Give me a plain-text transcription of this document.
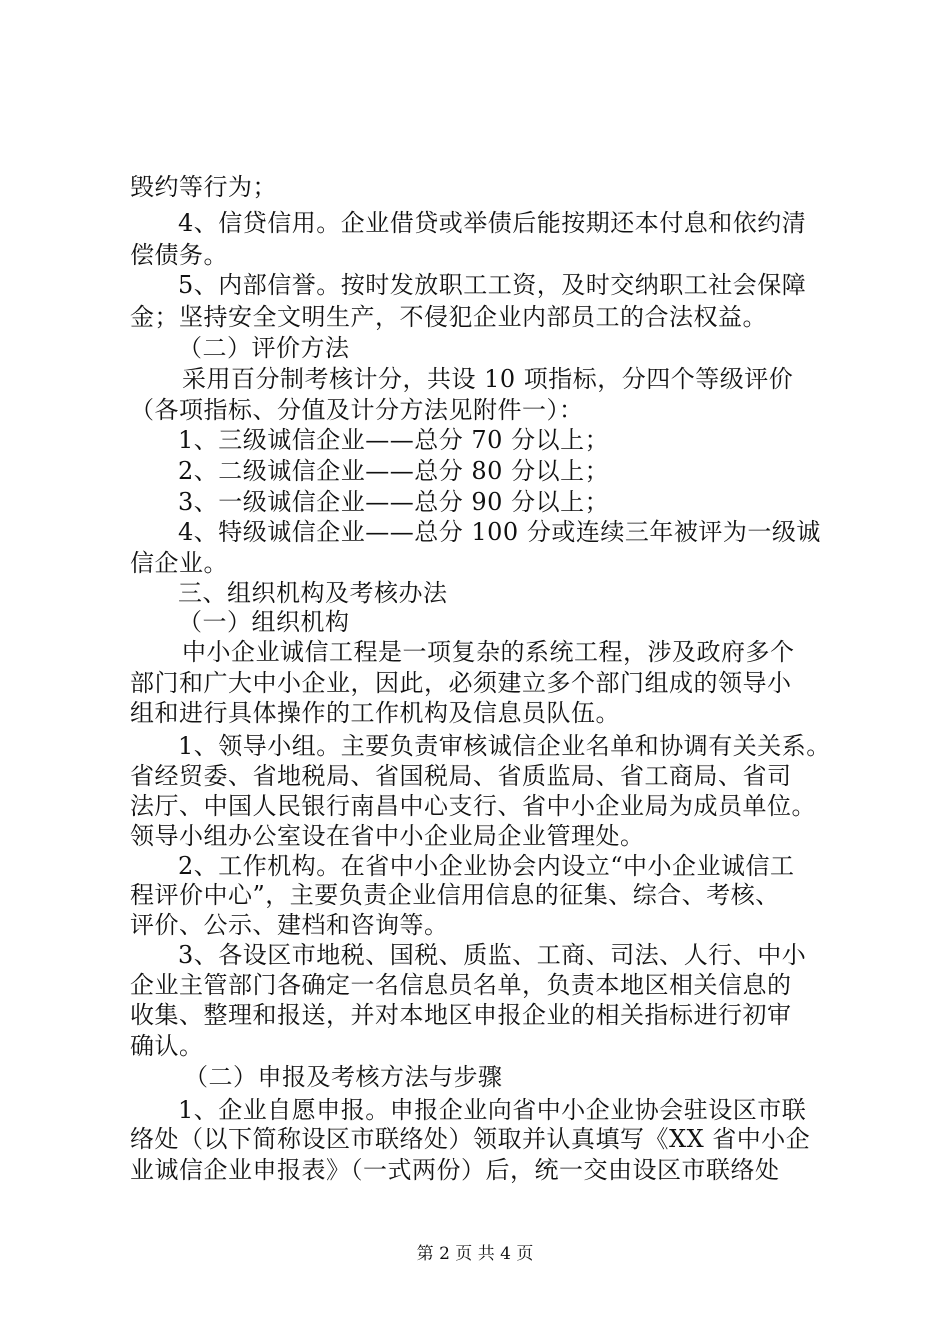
毁约等行为；
4、信贷信用。企业借贷或举债后能按期还本付息和依约清
偿债务。
5、内部信誉。按时发放职工工资，及时交纳职工社会保障
金；坚持安全文明生产，不侵犯企业内部员工的合法权益。
（二）评价方法
采用百分制考核计分，共设 10 项指标，分四个等级评价
（各项指标、分值及计分方法见附件一）：
1、三级诚信企业——总分 70 分以上；
2、二级诚信企业——总分 80 分以上；
3、一级诚信企业——总分 90 分以上；
4、特级诚信企业——总分 100 分或连续三年被评为一级诚
信企业。
三、组织机构及考核办法
（一）组织机构
中小企业诚信工程是一项复杂的系统工程，涉及政府多个
部门和广大中小企业，因此，必须建立多个部门组成的领导小
组和进行具体操作的工作机构及信息员队伍。
1、领导小组。主要负责审核诚信企业名单和协调有关关系。
省经贸委、省地税局、省国税局、省质监局、省工商局、省司
法厅、中国人民银行南昌中心支行、省中小企业局为成员单位。
领导小组办公室设在省中小企业局企业管理处。
2、工作机构。在省中小企业协会内设立“中小企业诚信工
程评价中心”，主要负责企业信用信息的征集、综合、考核、
评价、公示、建档和咨询等。
3、各设区市地税、国税、质监、工商、司法、人行、中小
企业主管部门各确定一名信息员名单，负责本地区相关信息的
收集、整理和报送，并对本地区申报企业的相关指标进行初审
确认。
（二）申报及考核方法与步骤
1、企业自愿申报。申报企业向省中小企业协会驻设区市联
络处（以下简称设区市联络处）领取并认真填写《XX 省中小企
业诚信企业申报表》（一式两份）后，统一交由设区市联络处
第 2 页 共 4 页
